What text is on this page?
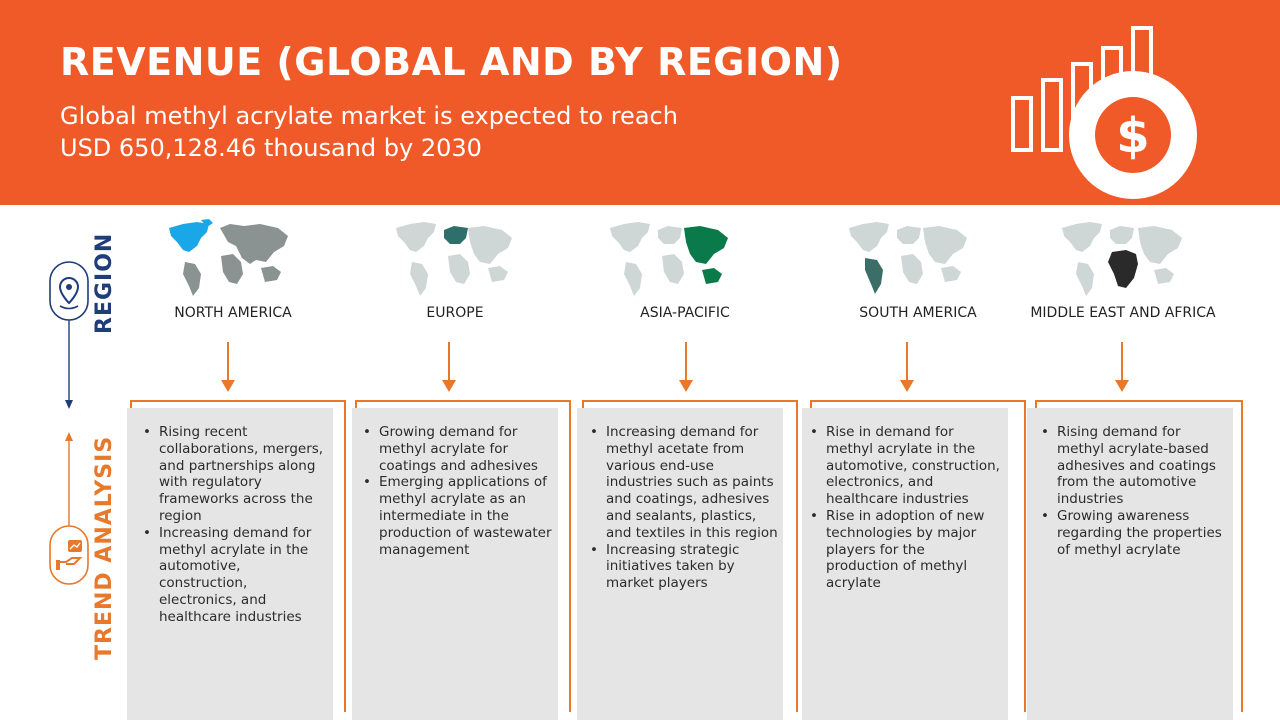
REVENUE (GLOBAL AND BY REGION)
Global methyl acrylate market is expected to reach USD 650,128.46 thousand by 2030	$
REGION
TREND ANALYSIS
NORTH AMERICA
• Rising recent collaborations, mergers, and partnerships along with regulatory frameworks across the region
• Increasing demand for methyl acrylate in the automotive, construction, electronics, and healthcare industries
EUROPE
• Growing demand for methyl acrylate for coatings and adhesives
• Emerging applications of methyl acrylate as an intermediate in the production of wastewater management
ASIA-PACIFIC
• Increasing demand for methyl acetate from various end-use industries such as paints and coatings, adhesives and sealants, plastics, and textiles in this region
• Increasing strategic initiatives taken by market players
SOUTH AMERICA
• Rise in demand for methyl acrylate in the automotive, construction, electronics, and healthcare industries
• Rise in adoption of new technologies by major players for the production of methyl acrylate
MIDDLE EAST AND AFRICA
• Rising demand for methyl acrylate-based adhesives and coatings from the automotive industries
• Growing awareness regarding the properties of methyl acrylate
